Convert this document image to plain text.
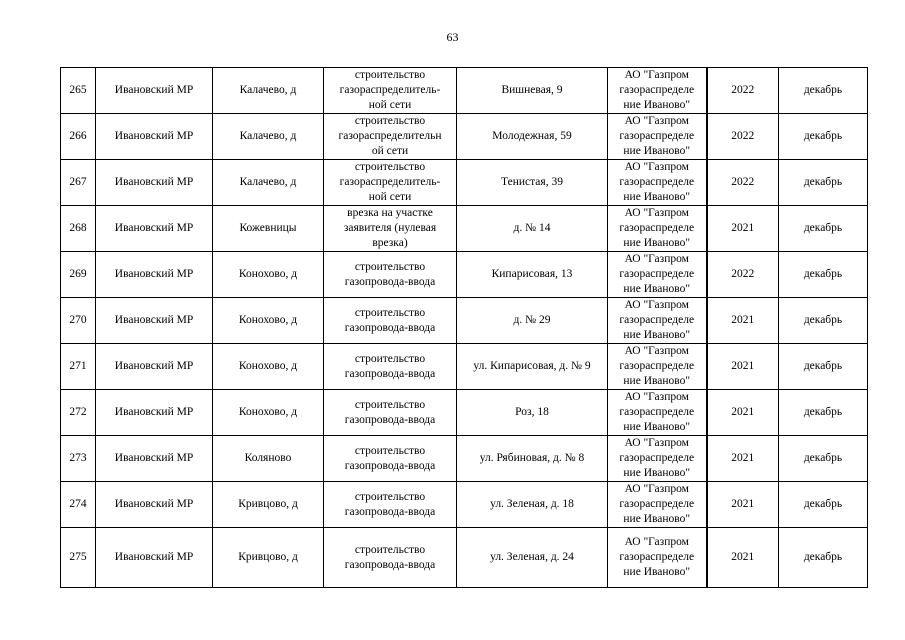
63
265	Ивановский МР	Калачево, д	строительство
газораспределитель-
ной сети	Вишневая, 9	АО "Газпром
газораспределе
ние Иваново"	2022	декабрь
266	Ивановский МР	Калачево, д	строительство
газораспределительн
ой сети	Молодежная, 59	АО "Газпром
газораспределе
ние Иваново"	2022	декабрь
267	Ивановский МР	Калачево, д	строительство
газораспределитель-
ной сети	Тенистая, 39	АО "Газпром
газораспределе
ние Иваново"	2022	декабрь
268	Ивановский МР	Кожевницы	врезка на участке
заявителя (нулевая
врезка)	д. № 14	АО "Газпром
газораспределе
ние Иваново"	2021	декабрь
269	Ивановский МР	Конохово, д	строительство
газопровода-ввода	Кипарисовая, 13	АО "Газпром
газораспределе
ние Иваново"	2022	декабрь
270	Ивановский МР	Конохово, д	строительство
газопровода-ввода	д. № 29	АО "Газпром
газораспределе
ние Иваново"	2021	декабрь
271	Ивановский МР	Конохово, д	строительство
газопровода-ввода	ул. Кипарисовая, д. № 9	АО "Газпром
газораспределе
ние Иваново"	2021	декабрь
272	Ивановский МР	Конохово, д	строительство
газопровода-ввода	Роз, 18	АО "Газпром
газораспределе
ние Иваново"	2021	декабрь
273	Ивановский МР	Коляново	строительство
газопровода-ввода	ул. Рябиновая, д. № 8	АО "Газпром
газораспределе
ние Иваново"	2021	декабрь
274	Ивановский МР	Кривцово, д	строительство
газопровода-ввода	ул. Зеленая, д. 18	АО "Газпром
газораспределе
ние Иваново"	2021	декабрь
275	Ивановский МР	Кривцово, д	строительство
газопровода-ввода	ул. Зеленая, д. 24	АО "Газпром
газораспределе
ние Иваново"	2021	декабрь
